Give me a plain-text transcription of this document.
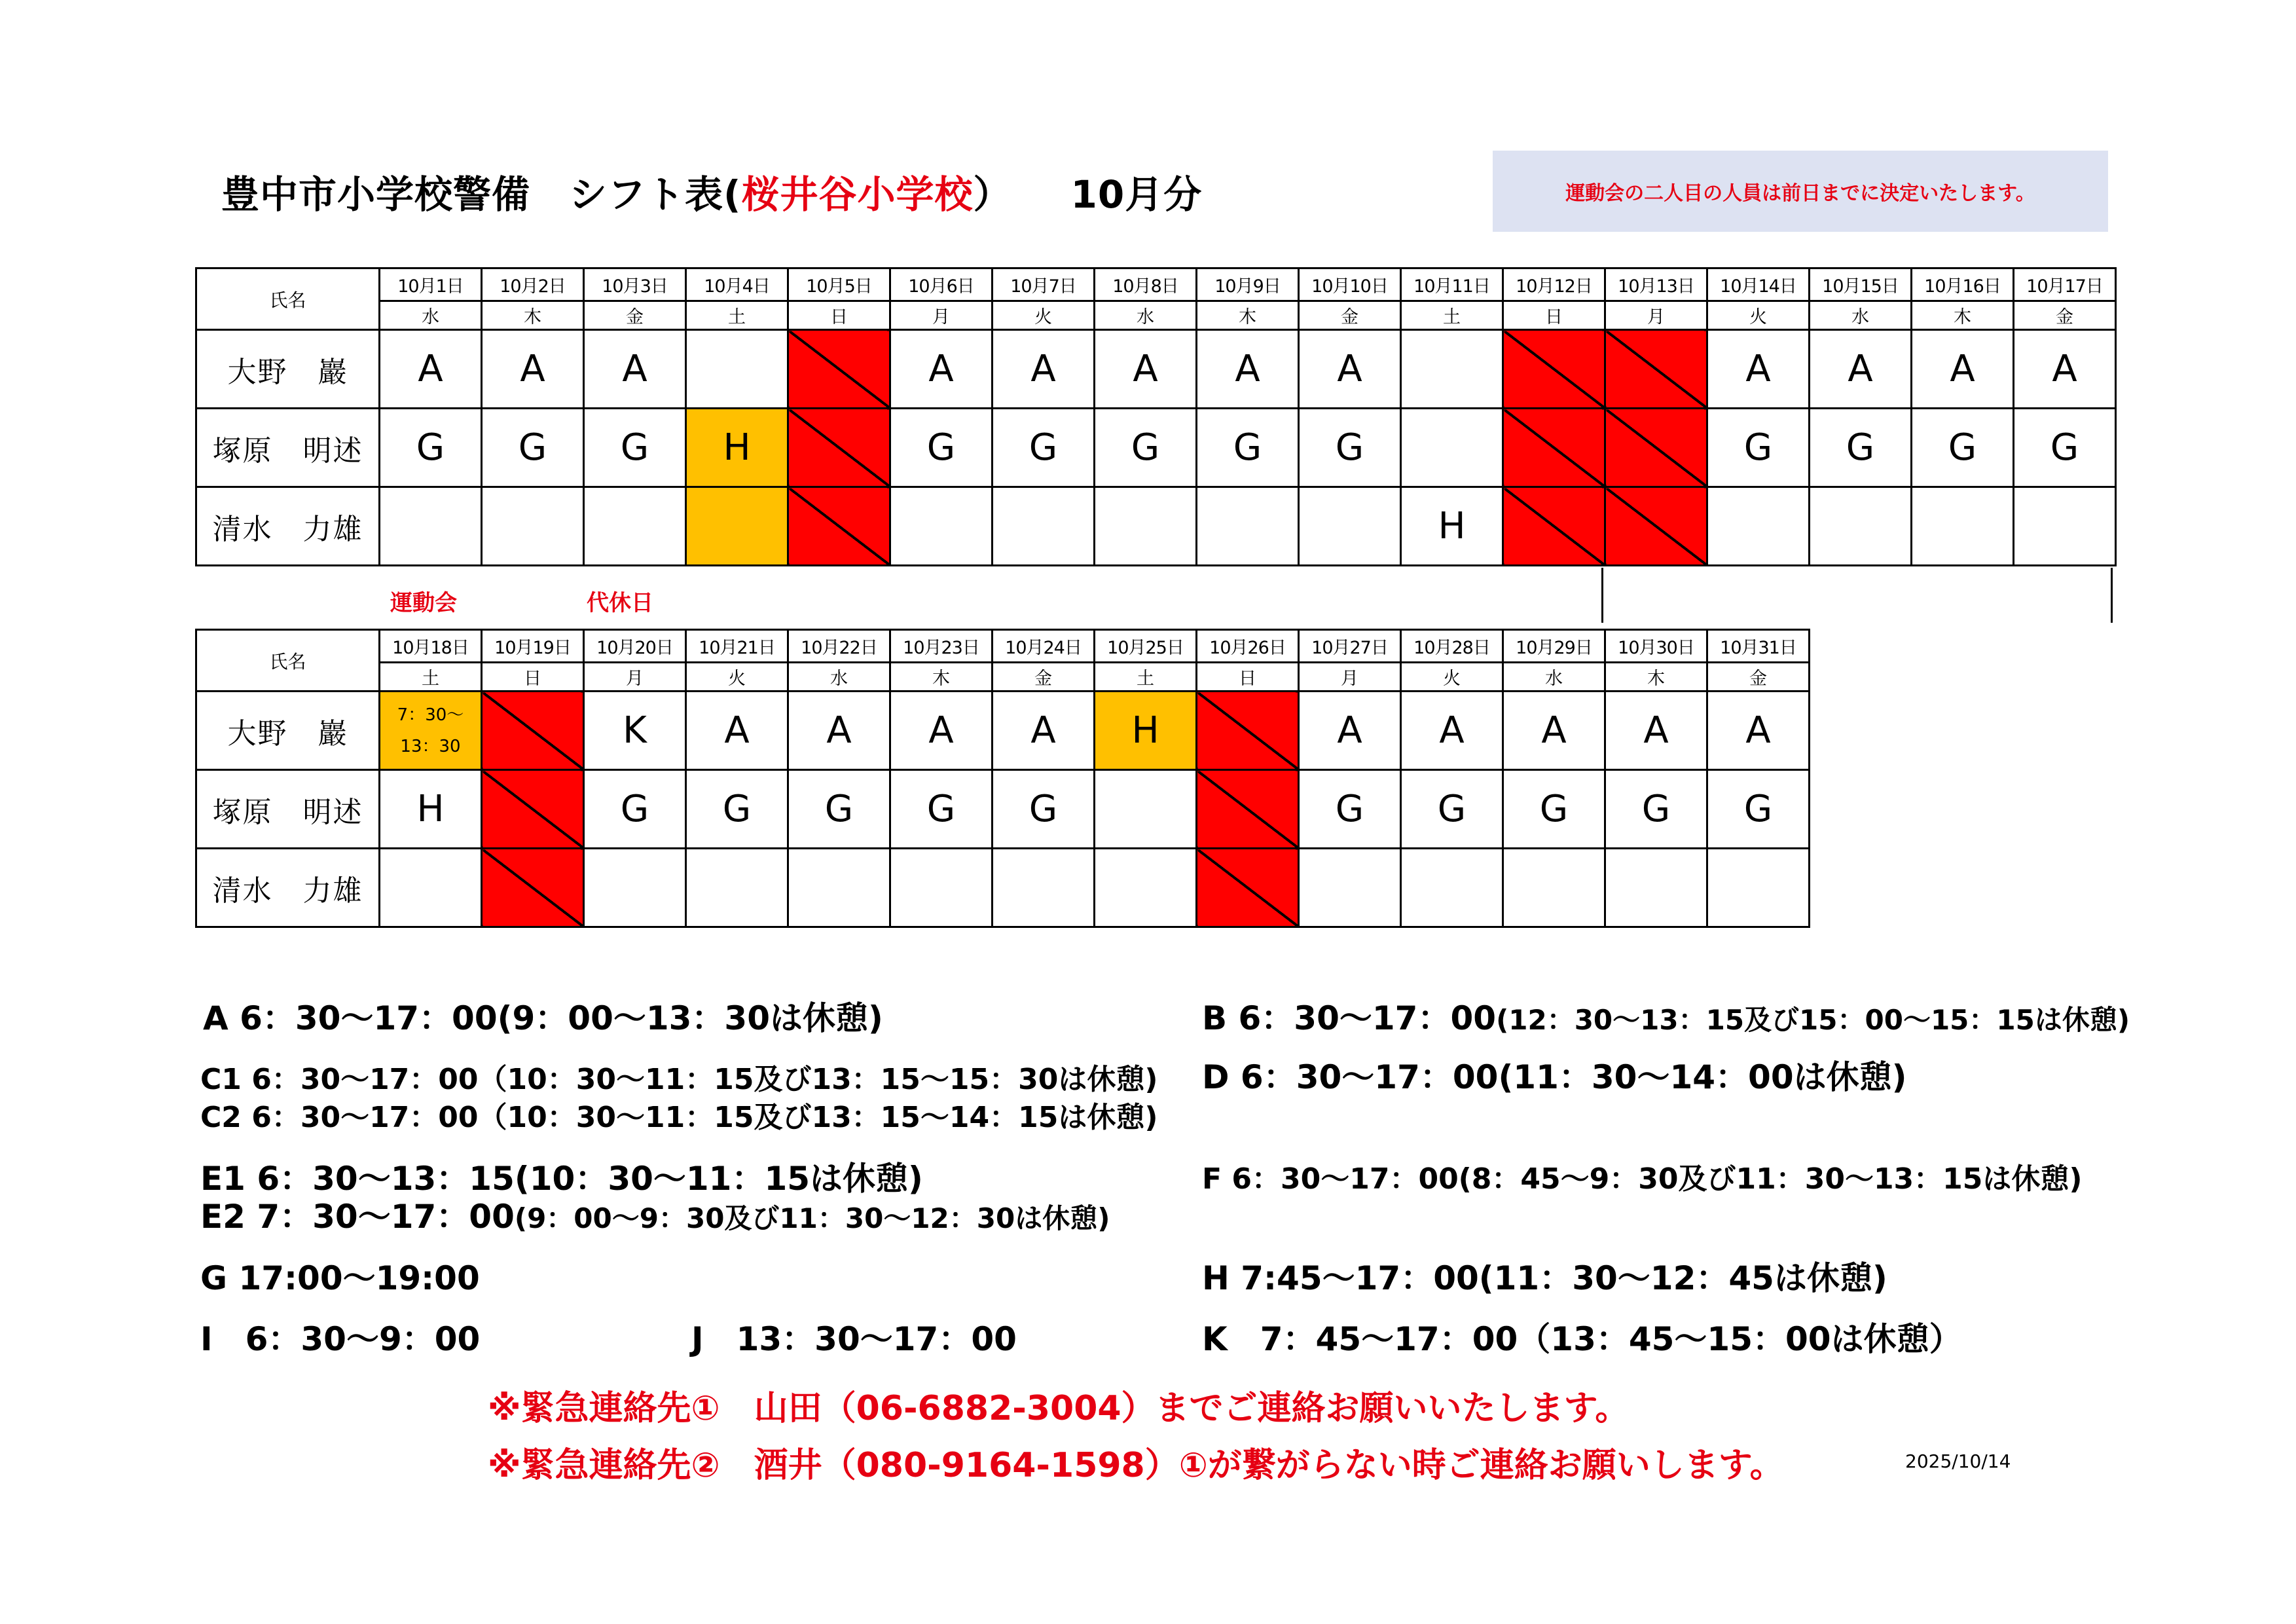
豊中市小学校警備　シフト表(桜井谷小学校） 10月分	運動会の二人目の人員は前日までに決定いたします。
氏名	10月1日	10月2日	10月3日	10月4日	10月5日	10月6日	10月7日	10月8日	10月9日	10月10日	10月11日	10月12日	10月13日	10月14日	10月15日	10月16日	10月17日
	水	木	金	土	日	月	火	水	木	金	土	日	月	火	水	木	金
大野　巖	A	A	A			A	A	A	A	A				A	A	A	A
塚原　明述	G	G	G	H		G	G	G	G	G				G	G	G	G
清水　力雄											H						
運動会	代休日
氏名	10月18日	10月19日	10月20日	10月21日	10月22日	10月23日	10月24日	10月25日	10月26日	10月27日	10月28日	10月29日	10月30日	10月31日
	土	日	月	火	水	木	金	土	日	月	火	水	木	金
大野　巖	7：30～
13：30		K	A	A	A	A	H		A	A	A	A	A
塚原　明述	H		G	G	G	G	G			G	G	G	G	G
清水　力雄														
A 6：30～17：00(9：00～13：30は休憩)	B 6：30～17：00(12：30～13：15及び15：00～15：15は休憩)
C1 6：30～17：00（10：30～11：15及び13：15～15：30は休憩)
C2 6：30～17：00（10：30～11：15及び13：15～14：15は休憩)
D 6：30～17：00(11：30～14：00は休憩)
E1 6：30～13：15(10：30～11：15は休憩)
E2 7：30～17：00(9：00～9：30及び11：30～12：30は休憩)
F 6：30～17：00(8：45～9：30及び11：30～13：15は休憩)
G 17:00～19:00	H 7:45～17：00(11：30～12：45は休憩)
I　6：30～9：00	J　13：30～17：00	K　7：45～17：00（13：45～15：00は休憩）
※緊急連絡先①　山田（06-6882-3004）までご連絡お願いいたします。
※緊急連絡先②　酒井（080-9164-1598）①が繋がらない時ご連絡お願いします。	2025/10/14
